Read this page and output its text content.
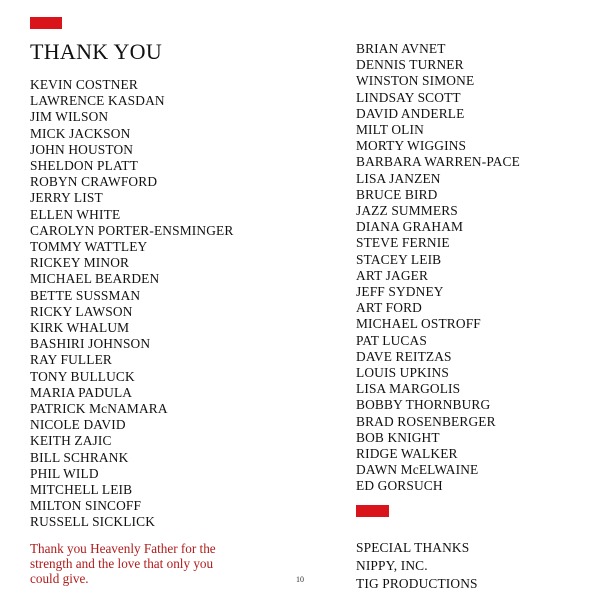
THANK YOU
KEVIN COSTNER
LAWRENCE KASDAN
JIM WILSON
MICK JACKSON
JOHN HOUSTON
SHELDON PLATT
ROBYN CRAWFORD
JERRY LIST
ELLEN WHITE
CAROLYN PORTER-ENSMINGER
TOMMY WATTLEY
RICKEY MINOR
MICHAEL BEARDEN
BETTE SUSSMAN
RICKY LAWSON
KIRK WHALUM
BASHIRI JOHNSON
RAY FULLER
TONY BULLUCK
MARIA PADULA
PATRICK McNAMARA
NICOLE DAVID
KEITH ZAJIC
BILL SCHRANK
PHIL WILD
MITCHELL LEIB
MILTON SINCOFF
RUSSELL SICKLICK
Thank you Heavenly Father for the
strength and the love that only you
could give.	10
BRIAN AVNET
DENNIS TURNER
WINSTON SIMONE
LINDSAY SCOTT
DAVID ANDERLE
MILT OLIN
MORTY WIGGINS
BARBARA WARREN-PACE
LISA JANZEN
BRUCE BIRD
JAZZ SUMMERS
DIANA GRAHAM
STEVE FERNIE
STACEY LEIB
ART JAGER
JEFF SYDNEY
ART FORD
MICHAEL OSTROFF
PAT LUCAS
DAVE REITZAS
LOUIS UPKINS
LISA MARGOLIS
BOBBY THORNBURG
BRAD ROSENBERGER
BOB KNIGHT
RIDGE WALKER
DAWN McELWAINE
ED GORSUCH
SPECIAL THANKS
NIPPY, INC.
TIG PRODUCTIONS
